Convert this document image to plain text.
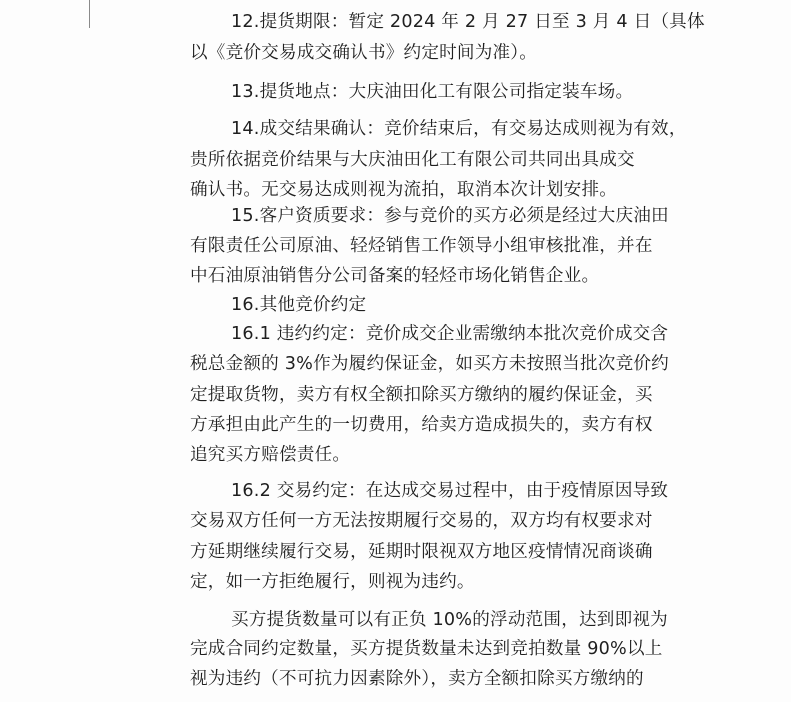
12.提货期限：暂定 2024 年 2 月 27 日至 3 月 4 日（具体
以《竞价交易成交确认书》约定时间为准）。
13.提货地点：大庆油田化工有限公司指定装车场。
14.成交结果确认：竞价结束后，有交易达成则视为有效，
贵所依据竞价结果与大庆油田化工有限公司共同出具成交
确认书。无交易达成则视为流拍，取消本次计划安排。
15.客户资质要求：参与竞价的买方必须是经过大庆油田
有限责任公司原油、轻烃销售工作领导小组审核批准，并在
中石油原油销售分公司备案的轻烃市场化销售企业。
16.其他竞价约定
16.1 违约约定：竞价成交企业需缴纳本批次竞价成交含
税总金额的 3%作为履约保证金，如买方未按照当批次竞价约
定提取货物，卖方有权全额扣除买方缴纳的履约保证金，买
方承担由此产生的一切费用，给卖方造成损失的，卖方有权
追究买方赔偿责任。
16.2 交易约定：在达成交易过程中，由于疫情原因导致
交易双方任何一方无法按期履行交易的，双方均有权要求对
方延期继续履行交易，延期时限视双方地区疫情情况商谈确
定，如一方拒绝履行，则视为违约。
买方提货数量可以有正负 10%的浮动范围，达到即视为
完成合同约定数量，买方提货数量未达到竞拍数量 90%以上
视为违约（不可抗力因素除外），卖方全额扣除买方缴纳的
